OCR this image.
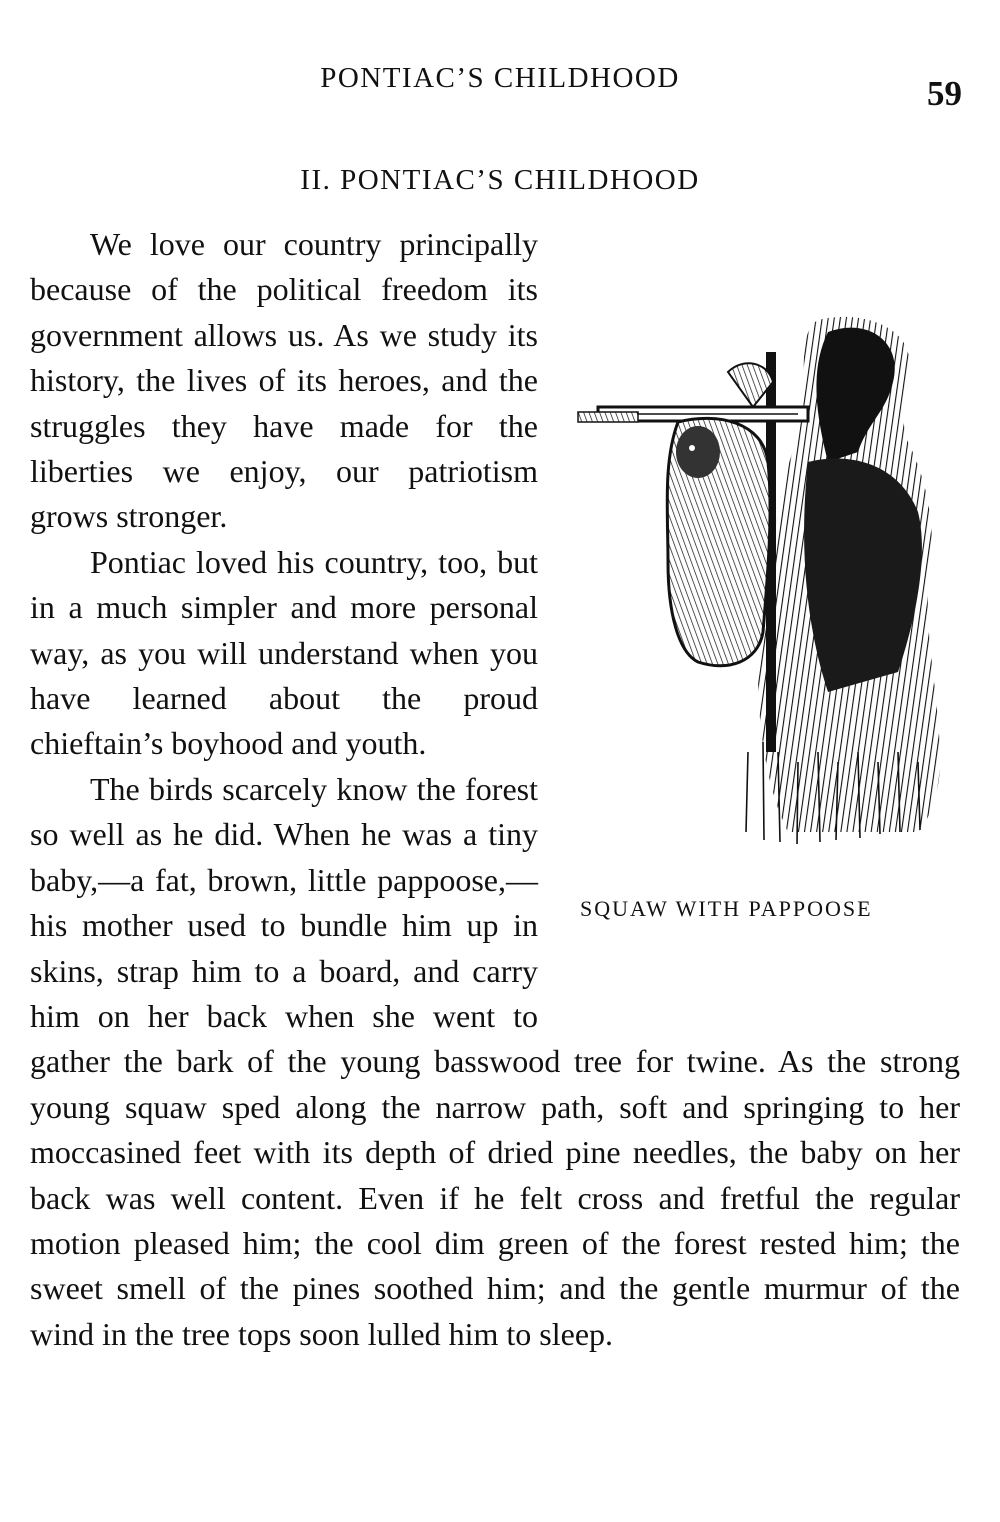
PONTIAC’S CHILDHOOD	59
II. PONTIAC’S CHILDHOOD
SQUAW WITH PAPPOOSE

We love our country principally because of the political freedom its government allows us. As we study its history, the lives of its heroes, and the struggles they have made for the liberties we enjoy, our patriotism grows stronger.

Pontiac loved his country, too, but in a much simpler and more personal way, as you will understand when you have learned about the proud chieftain’s boyhood and youth.

The birds scarcely know the forest so well as he did. When he was a tiny baby,—a fat, brown, little pappoose,—his mother used to bundle him up in skins, strap him to a board, and carry him on her back when she went to gather the bark of the young basswood tree for twine. As the strong young squaw sped along the narrow path, soft and springing to her moccasined feet with its depth of dried pine needles, the baby on her back was well content. Even if he felt cross and fretful the regular motion pleased him; the cool dim green of the forest rested him; the sweet smell of the pines soothed him; and the gentle murmur of the wind in the tree tops soon lulled him to sleep.
